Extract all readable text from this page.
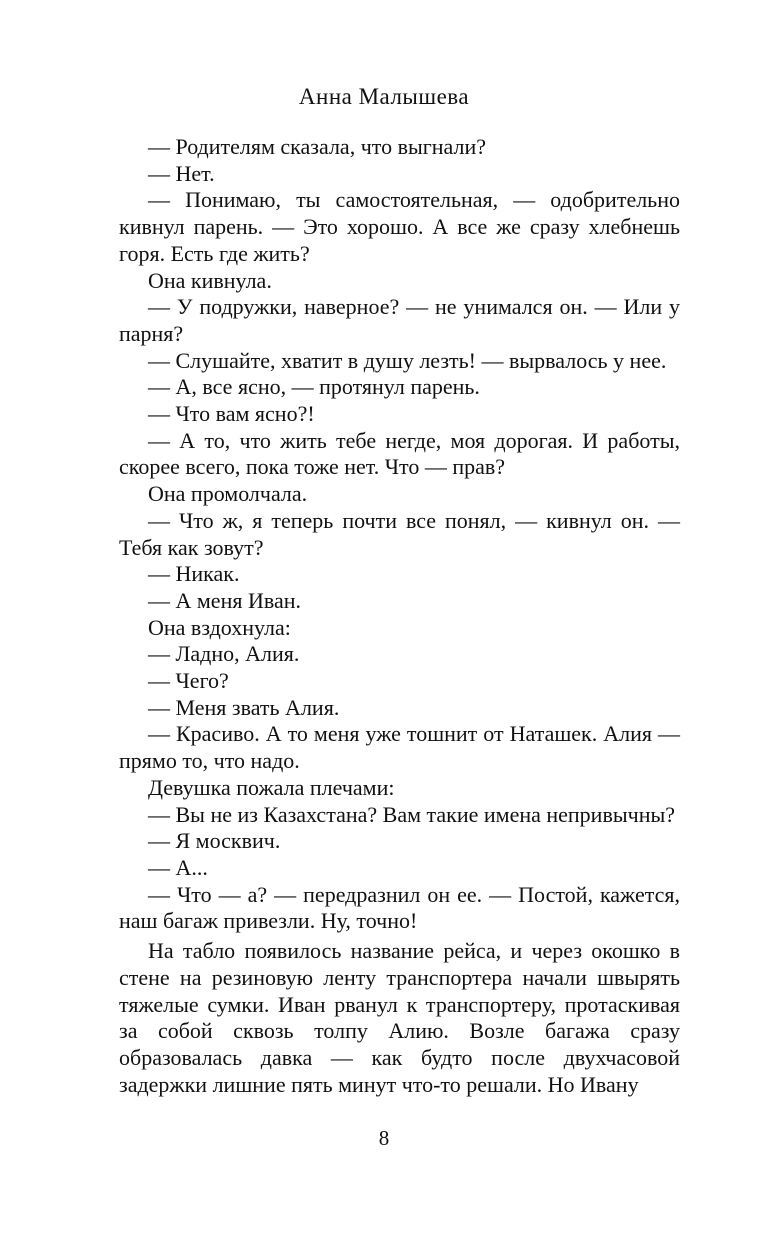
Анна Малышева

— Родителям сказала, что выгнали?

— Нет.

— Понимаю, ты самостоятельная, — одобрительно кивнул парень. — Это хорошо. А все же сразу хлебнешь горя. Есть где жить?

Она кивнула.

— У подружки, наверное? — не унимался он. — Или у парня?

— Слушайте, хватит в душу лезть! — вырвалось у нее.

— А, все ясно, — протянул парень.

— Что вам ясно?!

— А то, что жить тебе негде, моя дорогая. И работы, скорее всего, пока тоже нет. Что — прав?

Она промолчала.

— Что ж, я теперь почти все понял, — кивнул он. — Тебя как зовут?

— Никак.

— А меня Иван.

Она вздохнула:

— Ладно, Алия.

— Чего?

— Меня звать Алия.

— Красиво. А то меня уже тошнит от Наташек. Алия — прямо то, что надо.

Девушка пожала плечами:

— Вы не из Казахстана? Вам такие имена непривычны?

— Я москвич.

— А...

— Что — а? — передразнил он ее. — Постой, кажется, наш багаж привезли. Ну, точно!

На табло появилось название рейса, и через окошко в стене на резиновую ленту транспортера начали швырять тяжелые сумки. Иван рванул к транспортеру, протаскивая за собой сквозь толпу Алию. Возле багажа сразу образовалась давка — как будто после двухчасовой задержки лишние пять минут что-то решали. Но Ивану

8
